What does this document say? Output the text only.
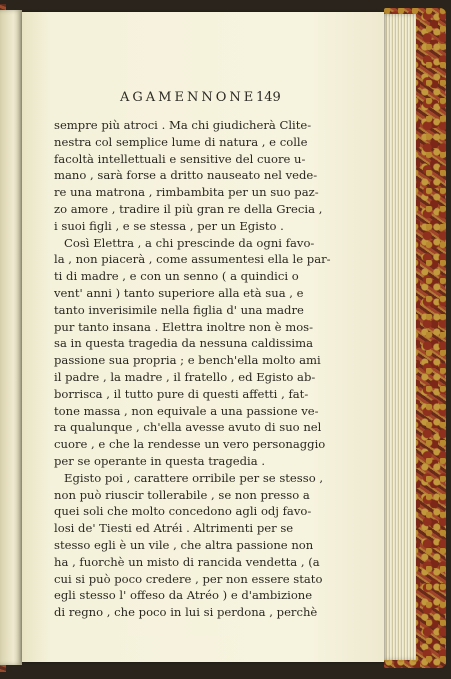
AGAMENNONE 149
sempre più atroci . Ma chi giudicherà Clite-
nestra col semplice lume di natura , e colle
facoltà intellettuali e sensitive del cuore u-
mano , sarà forse a dritto nauseato nel vede-
re una matrona , rimbambita per un suo paz-
zo amore , tradire il più gran re della Grecia ,
i suoi figli , e se stessa , per un Egisto .
Così Elettra , a chi prescinde da ogni favo-
la , non piacerà , come assumentesi ella le par-
ti di madre , e con un senno ( a quindici o
vent' anni ) tanto superiore alla età sua , e
tanto inverisimile nella figlia d' una madre
pur tanto insana . Elettra inoltre non è mos-
sa in questa tragedia da nessuna caldissima
passione sua propria ; e bench'ella molto ami
il padre , la madre , il fratello , ed Egisto ab-
borrisca , il tutto pure di questi affetti , fat-
tone massa , non equivale a una passione ve-
ra qualunque , ch'ella avesse avuto di suo nel
cuore , e che la rendesse un vero personaggio
per se operante in questa tragedia .
Egisto poi , carattere orribile per se stesso ,
non può riuscir tollerabile , se non presso a
quei soli che molto concedono agli odj favo-
losi de' Tiesti ed Atréi . Altrimenti per se
stesso egli è un vile , che altra passione non
ha , fuorchè un misto di rancida vendetta , (a
cui si può poco credere , per non essere stato
egli stesso l' offeso da Atréo ) e d'ambizione
di regno , che poco in lui si perdona , perchè
